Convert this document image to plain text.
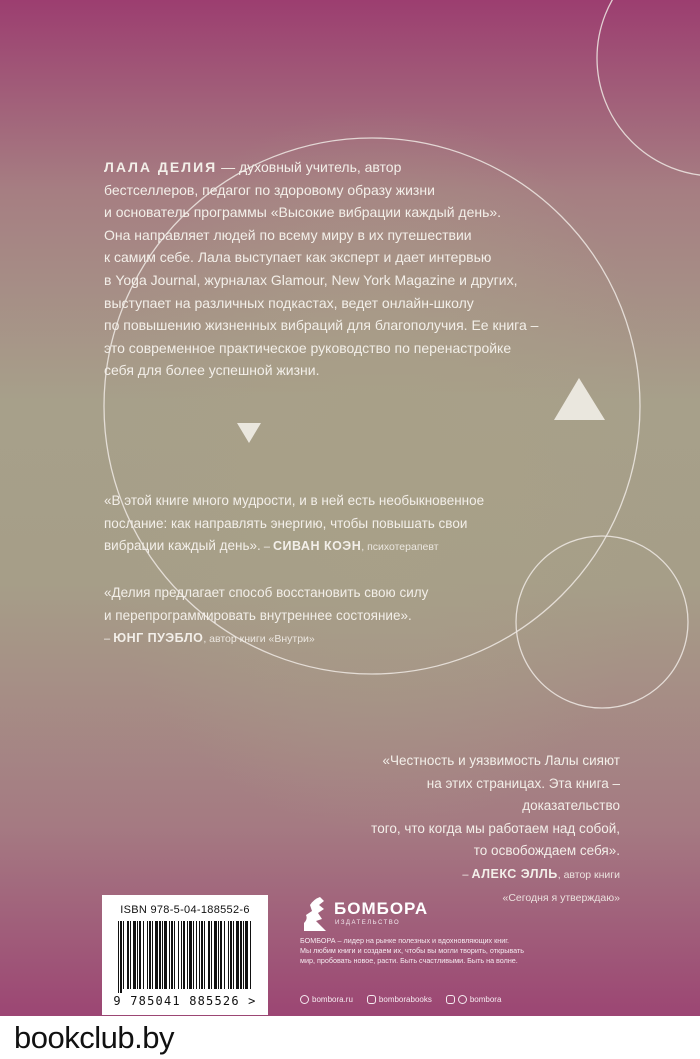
ЛАЛА ДЕЛИЯ — духовный учитель, автор
бестселлеров, педагог по здоровому образу жизни
и основатель программы «Высокие вибрации каждый день».
Она направляет людей по всему миру в их путешествии
к самим себе. Лала выступает как эксперт и дает интервью
в Yoga Journal, журналах Glamour, New York Magazine и других,
выступает на различных подкастах, ведет онлайн-школу
по повышению жизненных вибраций для благополучия. Ее книга –
это современное практическое руководство по перенастройке
себя для более успешной жизни.
«В этой книге много мудрости, и в ней есть необыкновенное
послание: как направлять энергию, чтобы повышать свои
вибрации каждый день». – СИВАН КОЭН, психотерапевт
«Делия предлагает способ восстановить свою силу
и перепрограммировать внутреннее состояние».
– ЮНГ ПУЭБЛО, автор книги «Внутри»
«Честность и уязвимость Лалы сияют
на этих страницах. Эта книга – доказательство
того, что когда мы работаем над собой,
то освобождаем себя».
– АЛЕКС ЭЛЛЬ, автор книги
«Сегодня я утверждаю»
ISBN 978-5-04-188552-6
9 785041 885526 >
БОМБОРА
ИЗДАТЕЛЬСТВО
БОМБОРА – лидер на рынке полезных и вдохновляющих книг.
Мы любим книги и создаем их, чтобы вы могли творить, открывать
мир, пробовать новое, расти. Быть счастливыми. Быть на волне.
bombora.ru	bomborabooks	bombora
bookclub.by
